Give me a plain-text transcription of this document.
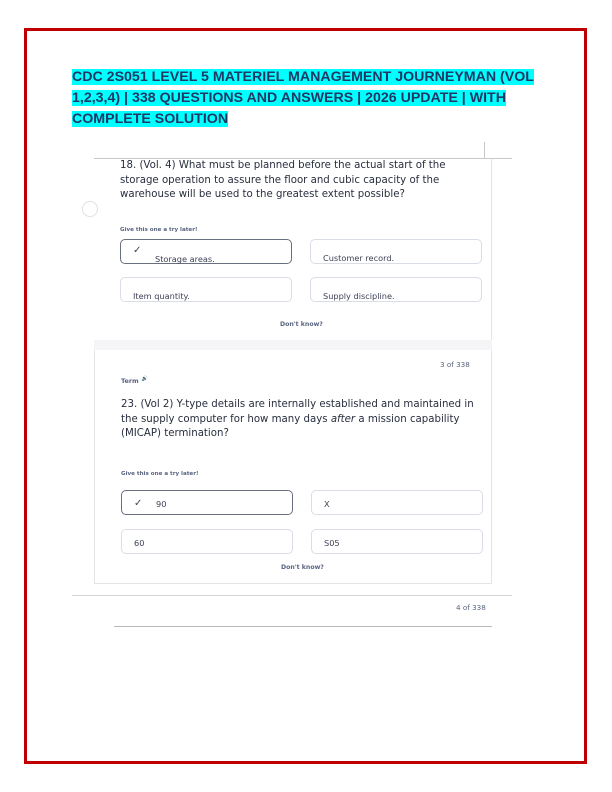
CDC 2S051 LEVEL 5 MATERIEL MANAGEMENT JOURNEYMAN (VOL 1,2,3,4) | 338 QUESTIONS AND ANSWERS | 2026 UPDATE | WITH COMPLETE SOLUTION
18. (Vol. 4) What must be planned before the actual start of the storage operation to assure the floor and cubic capacity of the warehouse will be used to the greatest extent possible?
Give this one a try later!
✓
Storage areas.	Customer record.
Item quantity.	Supply discipline.
Don't know?
3 of 338
Term 🔊
23. (Vol 2) Y-type details are internally established and maintained in the supply computer for how many days after a mission capability (MICAP) termination?
Give this one a try later!
✓ 90	X
60	S05
Don't know?
4 of 338
